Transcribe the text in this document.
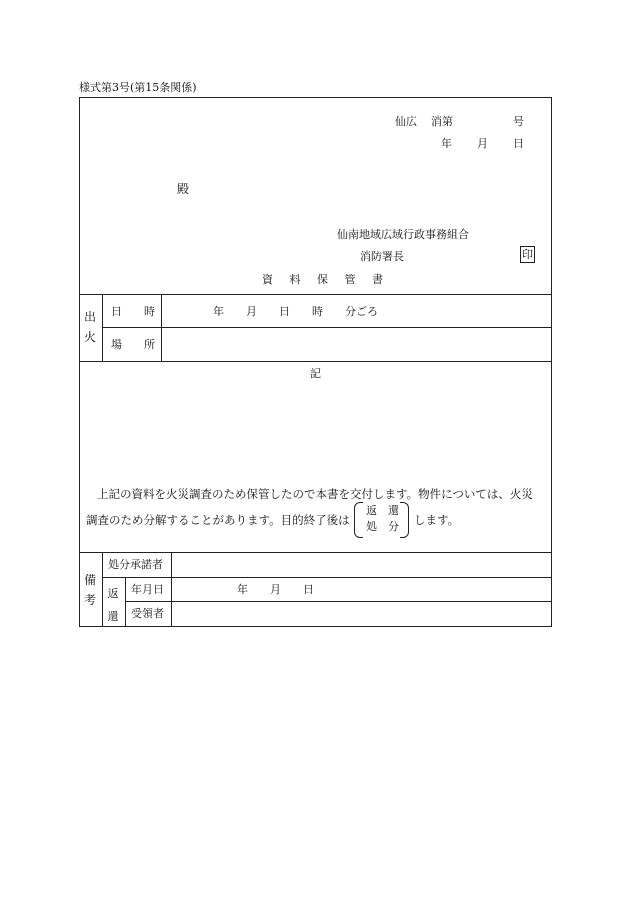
様式第3号(第15条関係)
仙広 消第	号
年 月 日
殿
仙南地域広域行政事務組合
消防署長	印
資 料 保 管 書
出火
日　　時	年　　月　　日　　時　　分ごろ
場　　所
記
上記の資料を火災調査のため保管したので本書を交付します。物件については、火災
調査のため分解することがあります。目的終了後は
返　還
処　分 します。
備考
処分承諾者
返還
年月日	年　　月　　日
受領者
